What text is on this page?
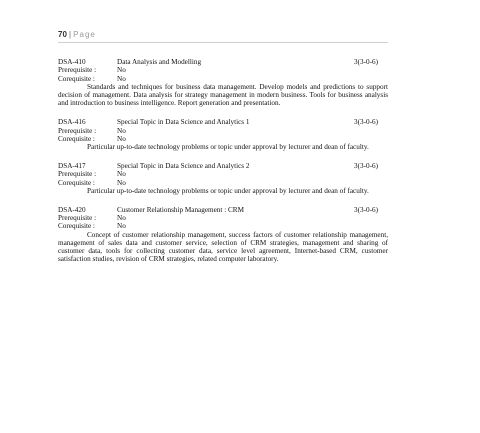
70 | Page
DSA-410	Data Analysis and Modelling	3(3-0-6)
Prerequisite :	No
Corequisite :	No
Standards and techniques for business data management. Develop models and predictions to support decision of management. Data analysis for strategy management in modern business. Tools for business analysis and introduction to business intelligence. Report generation and presentation.
DSA-416	Special Topic in Data Science and Analytics 1	3(3-0-6)
Prerequisite :	No
Corequisite :	No
Particular up-to-date technology problems or topic under approval by lecturer and dean of faculty.
DSA-417	Special Topic in Data Science and Analytics 2	3(3-0-6)
Prerequisite :	No
Corequisite :	No
Particular up-to-date technology problems or topic under approval by lecturer and dean of faculty.
DSA-420	Customer Relationship Management : CRM	3(3-0-6)
Prerequisite :	No
Corequisite :	No
Concept of customer relationship management, success factors of customer relationship management, management of sales data and customer service, selection of CRM strategies, management and sharing of customer data, tools for collecting customer data, service level agreement, Internet-based CRM, customer satisfaction studies, revision of CRM strategies, related computer laboratory.
